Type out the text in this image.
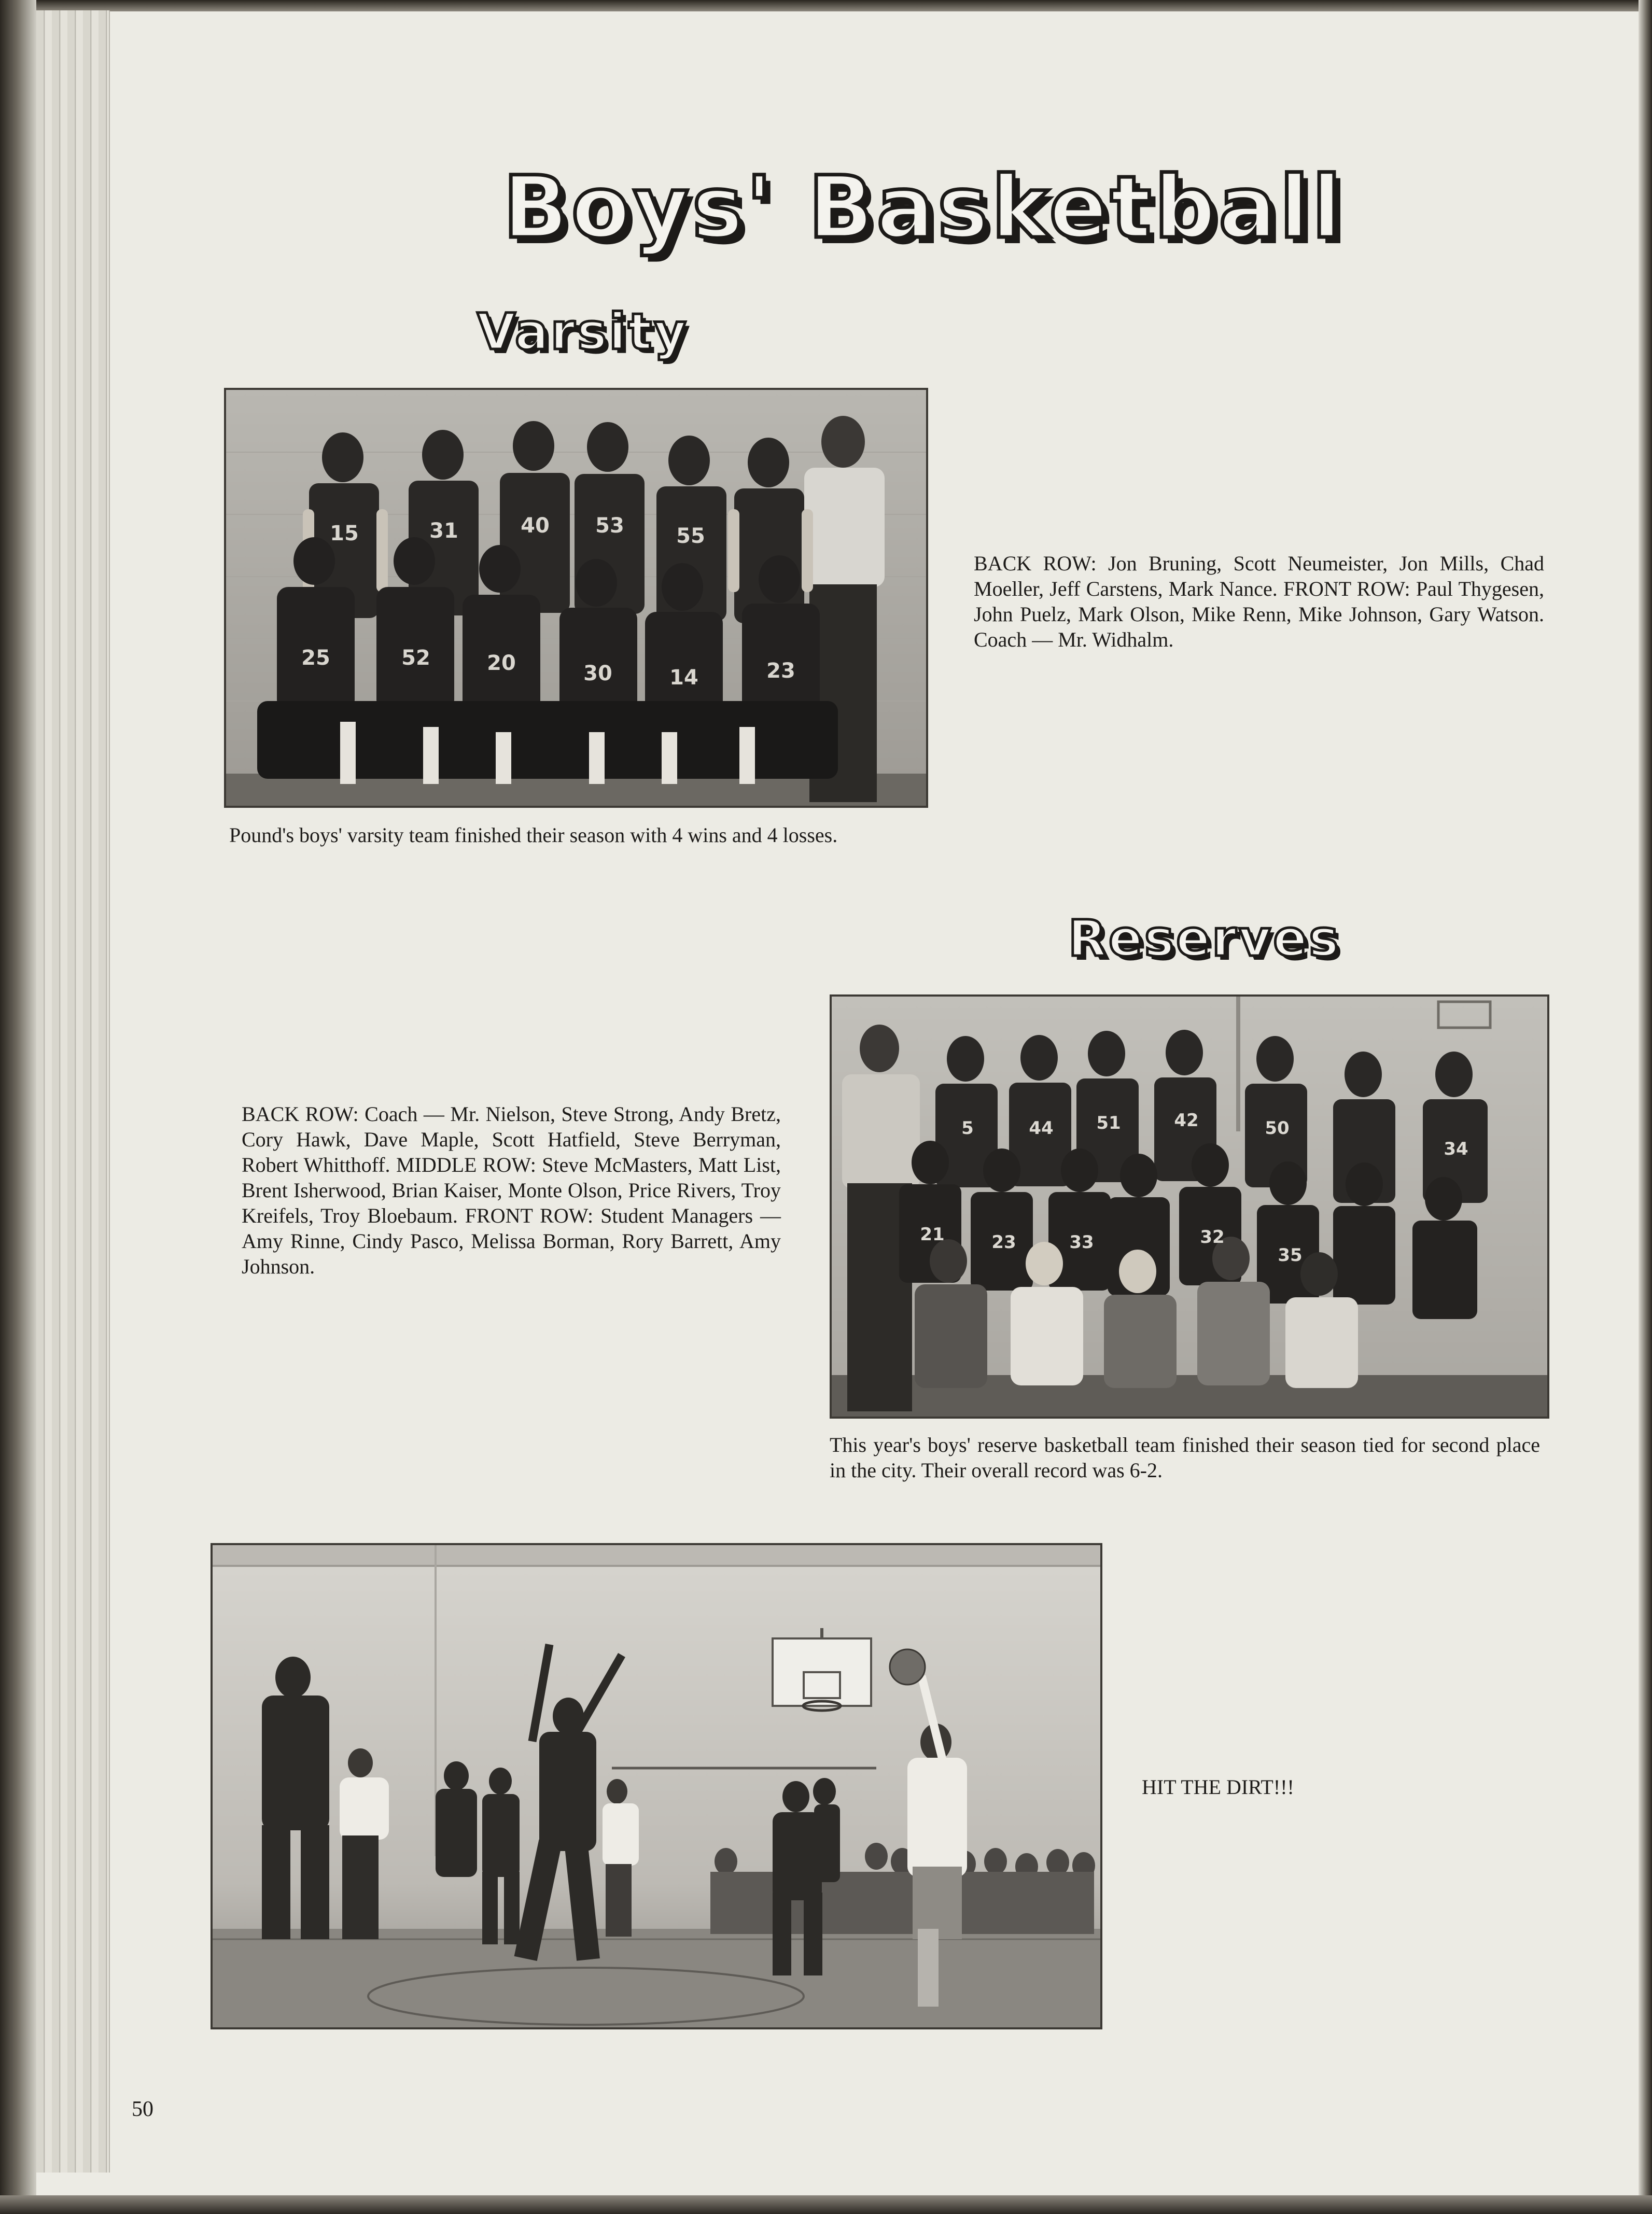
Boys' Basketball
Varsity
15	31	40 53	55
25	52	20	30	14	23
BACK ROW: Jon Bruning, Scott Neumeister, Jon Mills, Chad Moeller, Jeff Carstens, Mark Nance. FRONT ROW: Paul Thygesen, John Puelz, Mark Olson, Mike Renn, Mike Johnson, Gary Watson. Coach — Mr. Widhalm.
Pound's boys' varsity team finished their season with 4 wins and 4 losses.
Reserves
BACK ROW: Coach — Mr. Nielson, Steve Strong, Andy Bretz, Cory Hawk, Dave Maple, Scott Hatfield, Steve Berryman, Robert Whitthoff. MIDDLE ROW: Steve McMasters, Matt List, Brent Isherwood, Brian Kaiser, Monte Olson, Price Rivers, Troy Kreifels, Troy Bloebaum. FRONT ROW: Student Managers — Amy Rinne, Cindy Pasco, Melissa Borman, Rory Barrett, Amy Johnson.
5	44 51	42	50
34
21	23	33	32
35
This year's boys' reserve basketball team finished their season tied for second place in the city. Their overall record was 6-2.
HIT THE DIRT!!!
50
